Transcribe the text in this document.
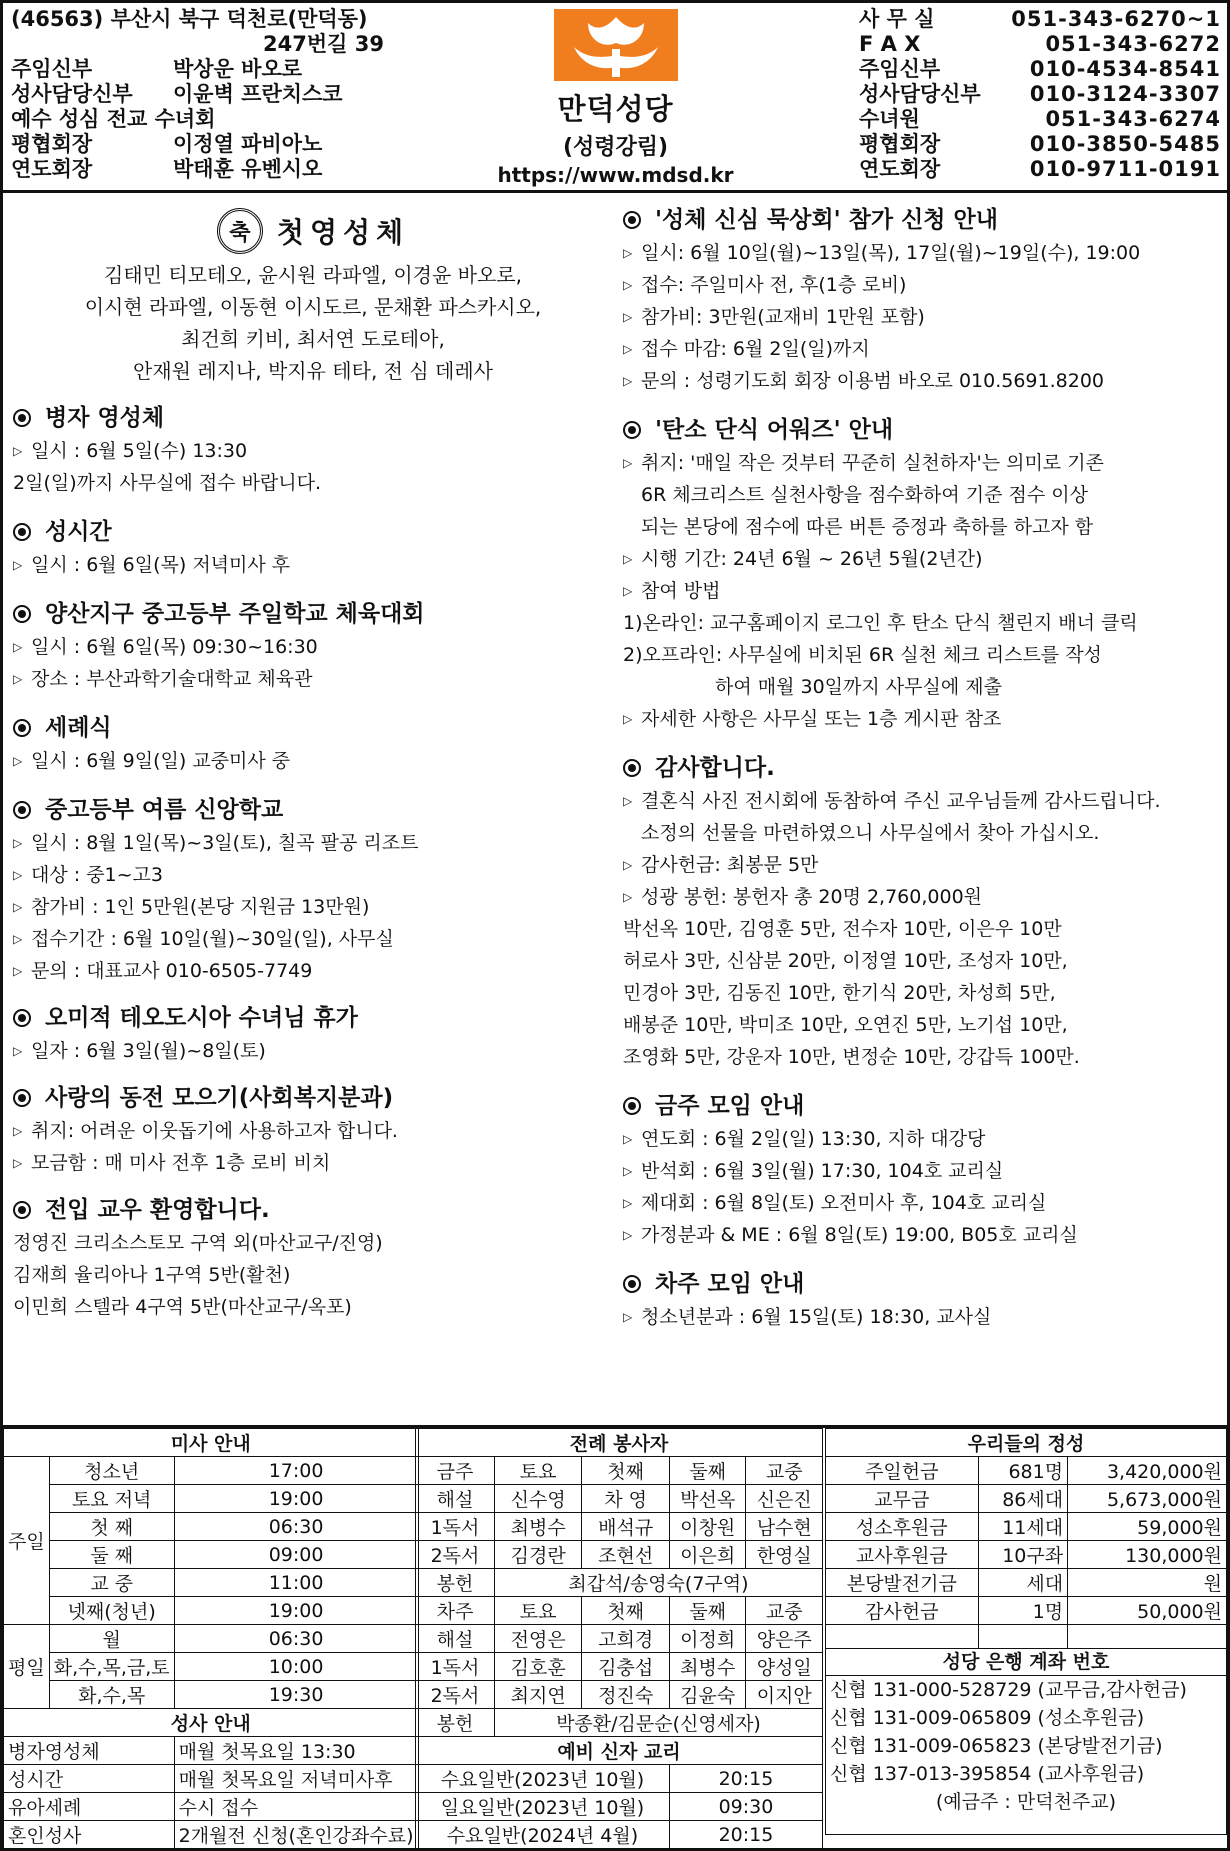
(46563) 부산시 북구 덕천로(만덕동)
247번길 39
주임신부	박상운 바오로
성사담당신부	이윤벽 프란치스코
예수 성심 전교 수녀회
평협회장	이정열 파비아노
연도회장	박태훈 유벤시오
만덕성당
(성령강림)
https://www.mdsd.kr
사 무 실	051-343-6270~1
F A X	051-343-6272
주임신부	010-4534-8541
성사담당신부	010-3124-3307
수녀원	051-343-6274
평협회장	010-3850-5485
연도회장	010-9711-0191
축 첫영성체
김태민 티모테오, 윤시원 라파엘, 이경윤 바오로,
이시현 라파엘, 이동현 이시도르, 문채환 파스카시오,
최건희 키비, 최서연 도로테아,
안재원 레지나, 박지유 테타, 전 심 데레사
병자 영성체
▷ 일시 : 6월 5일(수) 13:30
2일(일)까지 사무실에 접수 바랍니다.
성시간
▷ 일시 : 6월 6일(목) 저녁미사 후
양산지구 중고등부 주일학교 체육대회
▷ 일시 : 6월 6일(목) 09:30~16:30
▷ 장소 : 부산과학기술대학교 체육관
세례식
▷ 일시 : 6월 9일(일) 교중미사 중
중고등부 여름 신앙학교
▷ 일시 : 8월 1일(목)~3일(토), 칠곡 팔공 리조트
▷ 대상 : 중1~고3
▷ 참가비 : 1인 5만원(본당 지원금 13만원)
▷ 접수기간 : 6월 10일(월)~30일(일), 사무실
▷ 문의 : 대표교사 010-6505-7749
오미적 테오도시아 수녀님 휴가
▷ 일자 : 6월 3일(월)~8일(토)
사랑의 동전 모으기(사회복지분과)
▷ 취지: 어려운 이웃돕기에 사용하고자 합니다.
▷ 모금함 : 매 미사 전후 1층 로비 비치
전입 교우 환영합니다.
정영진 크리소스토모 구역 외(마산교구/진영)
김재희 율리아나 1구역 5반(활천)
이민희 스텔라 4구역 5반(마산교구/옥포)
'성체 신심 묵상회' 참가 신청 안내
▷ 일시: 6월 10일(월)~13일(목), 17일(월)~19일(수), 19:00
▷ 접수: 주일미사 전, 후(1층 로비)
▷ 참가비: 3만원(교재비 1만원 포함)
▷ 접수 마감: 6월 2일(일)까지
▷ 문의 : 성령기도회 회장 이용범 바오로 010.5691.8200
'탄소 단식 어워즈' 안내
▷ 취지: '매일 작은 것부터 꾸준히 실천하자'는 의미로 기존
6R 체크리스트 실천사항을 점수화하여 기준 점수 이상
되는 본당에 점수에 따른 버튼 증정과 축하를 하고자 함
▷ 시행 기간: 24년 6월 ~ 26년 5월(2년간)
▷ 참여 방법
1)온라인: 교구홈페이지 로그인 후 탄소 단식 챌린지 배너 클릭
2)오프라인: 사무실에 비치된 6R 실천 체크 리스트를 작성
하여 매월 30일까지 사무실에 제출
▷ 자세한 사항은 사무실 또는 1층 게시판 참조
감사합니다.
▷ 결혼식 사진 전시회에 동참하여 주신 교우님들께 감사드립니다.
소정의 선물을 마련하였으니 사무실에서 찾아 가십시오.
▷ 감사헌금: 최봉문 5만
▷ 성광 봉헌: 봉헌자 총 20명 2,760,000원
박선옥 10만, 김영훈 5만, 전수자 10만, 이은우 10만
허로사 3만, 신삼분 20만, 이정열 10만, 조성자 10만,
민경아 3만, 김동진 10만, 한기식 20만, 차성희 5만,
배봉준 10만, 박미조 10만, 오연진 5만, 노기섭 10만,
조영화 5만, 강운자 10만, 변정순 10만, 강갑득 100만.
금주 모임 안내
▷ 연도회 : 6월 2일(일) 13:30, 지하 대강당
▷ 반석회 : 6월 3일(월) 17:30, 104호 교리실
▷ 제대회 : 6월 8일(토) 오전미사 후, 104호 교리실
▷ 가정분과 & ME : 6월 8일(토) 19:00, B05호 교리실
차주 모임 안내
▷ 청소년분과 : 6월 15일(토) 18:30, 교사실
미사 안내		
주일	청소년	17:00
	토요 저녁	19:00
	첫 째	06:30
	둘 째	09:00
	교 중	11:00
	넷째(청년)	19:00
평일	월	06:30
	화,수,목,금,토	10:00
	화,수,목	19:30
성사 안내		
병자영성체		매월 첫목요일 13:30
성시간		매월 첫목요일 저녁미사후
유아세례		수시 접수
혼인성사		2개월전 신청(혼인강좌수료)
전례 봉사자				
금주	토요	첫째	둘째	교중
해설	신수영	차 영	박선옥	신은진
1독서	최병수	배석규	이창원	남수현
2독서	김경란	조현선	이은희	한영실
봉헌	최갑석/송영숙(7구역)			
차주	토요	첫째	둘째	교중
해설	전영은	고희경	이정희	양은주
1독서	김호훈	김충섭	최병수	양성일
2독서	최지연	정진숙	김윤숙	이지안
봉헌	박종환/김문순(신영세자)			
예비 신자 교리				
수요일반(2023년 10월)			20:15	
일요일반(2023년 10월)			09:30	
수요일반(2024년 4월)			20:15	
우리들의 정성		
주일헌금	681명	3,420,000원
교무금	86세대	5,673,000원
성소후원금	11세대	59,000원
교사후원금	10구좌	130,000원
본당발전기금	세대	원
감사헌금	1명	50,000원

성당 은행 계좌 번호
신협 131-000-528729 (교무금,감사헌금)
신협 131-009-065809 (성소후원금)
신협 131-009-065823 (본당발전기금)
신협 137-013-395854 (교사후원금)
(예금주 : 만덕천주교)
